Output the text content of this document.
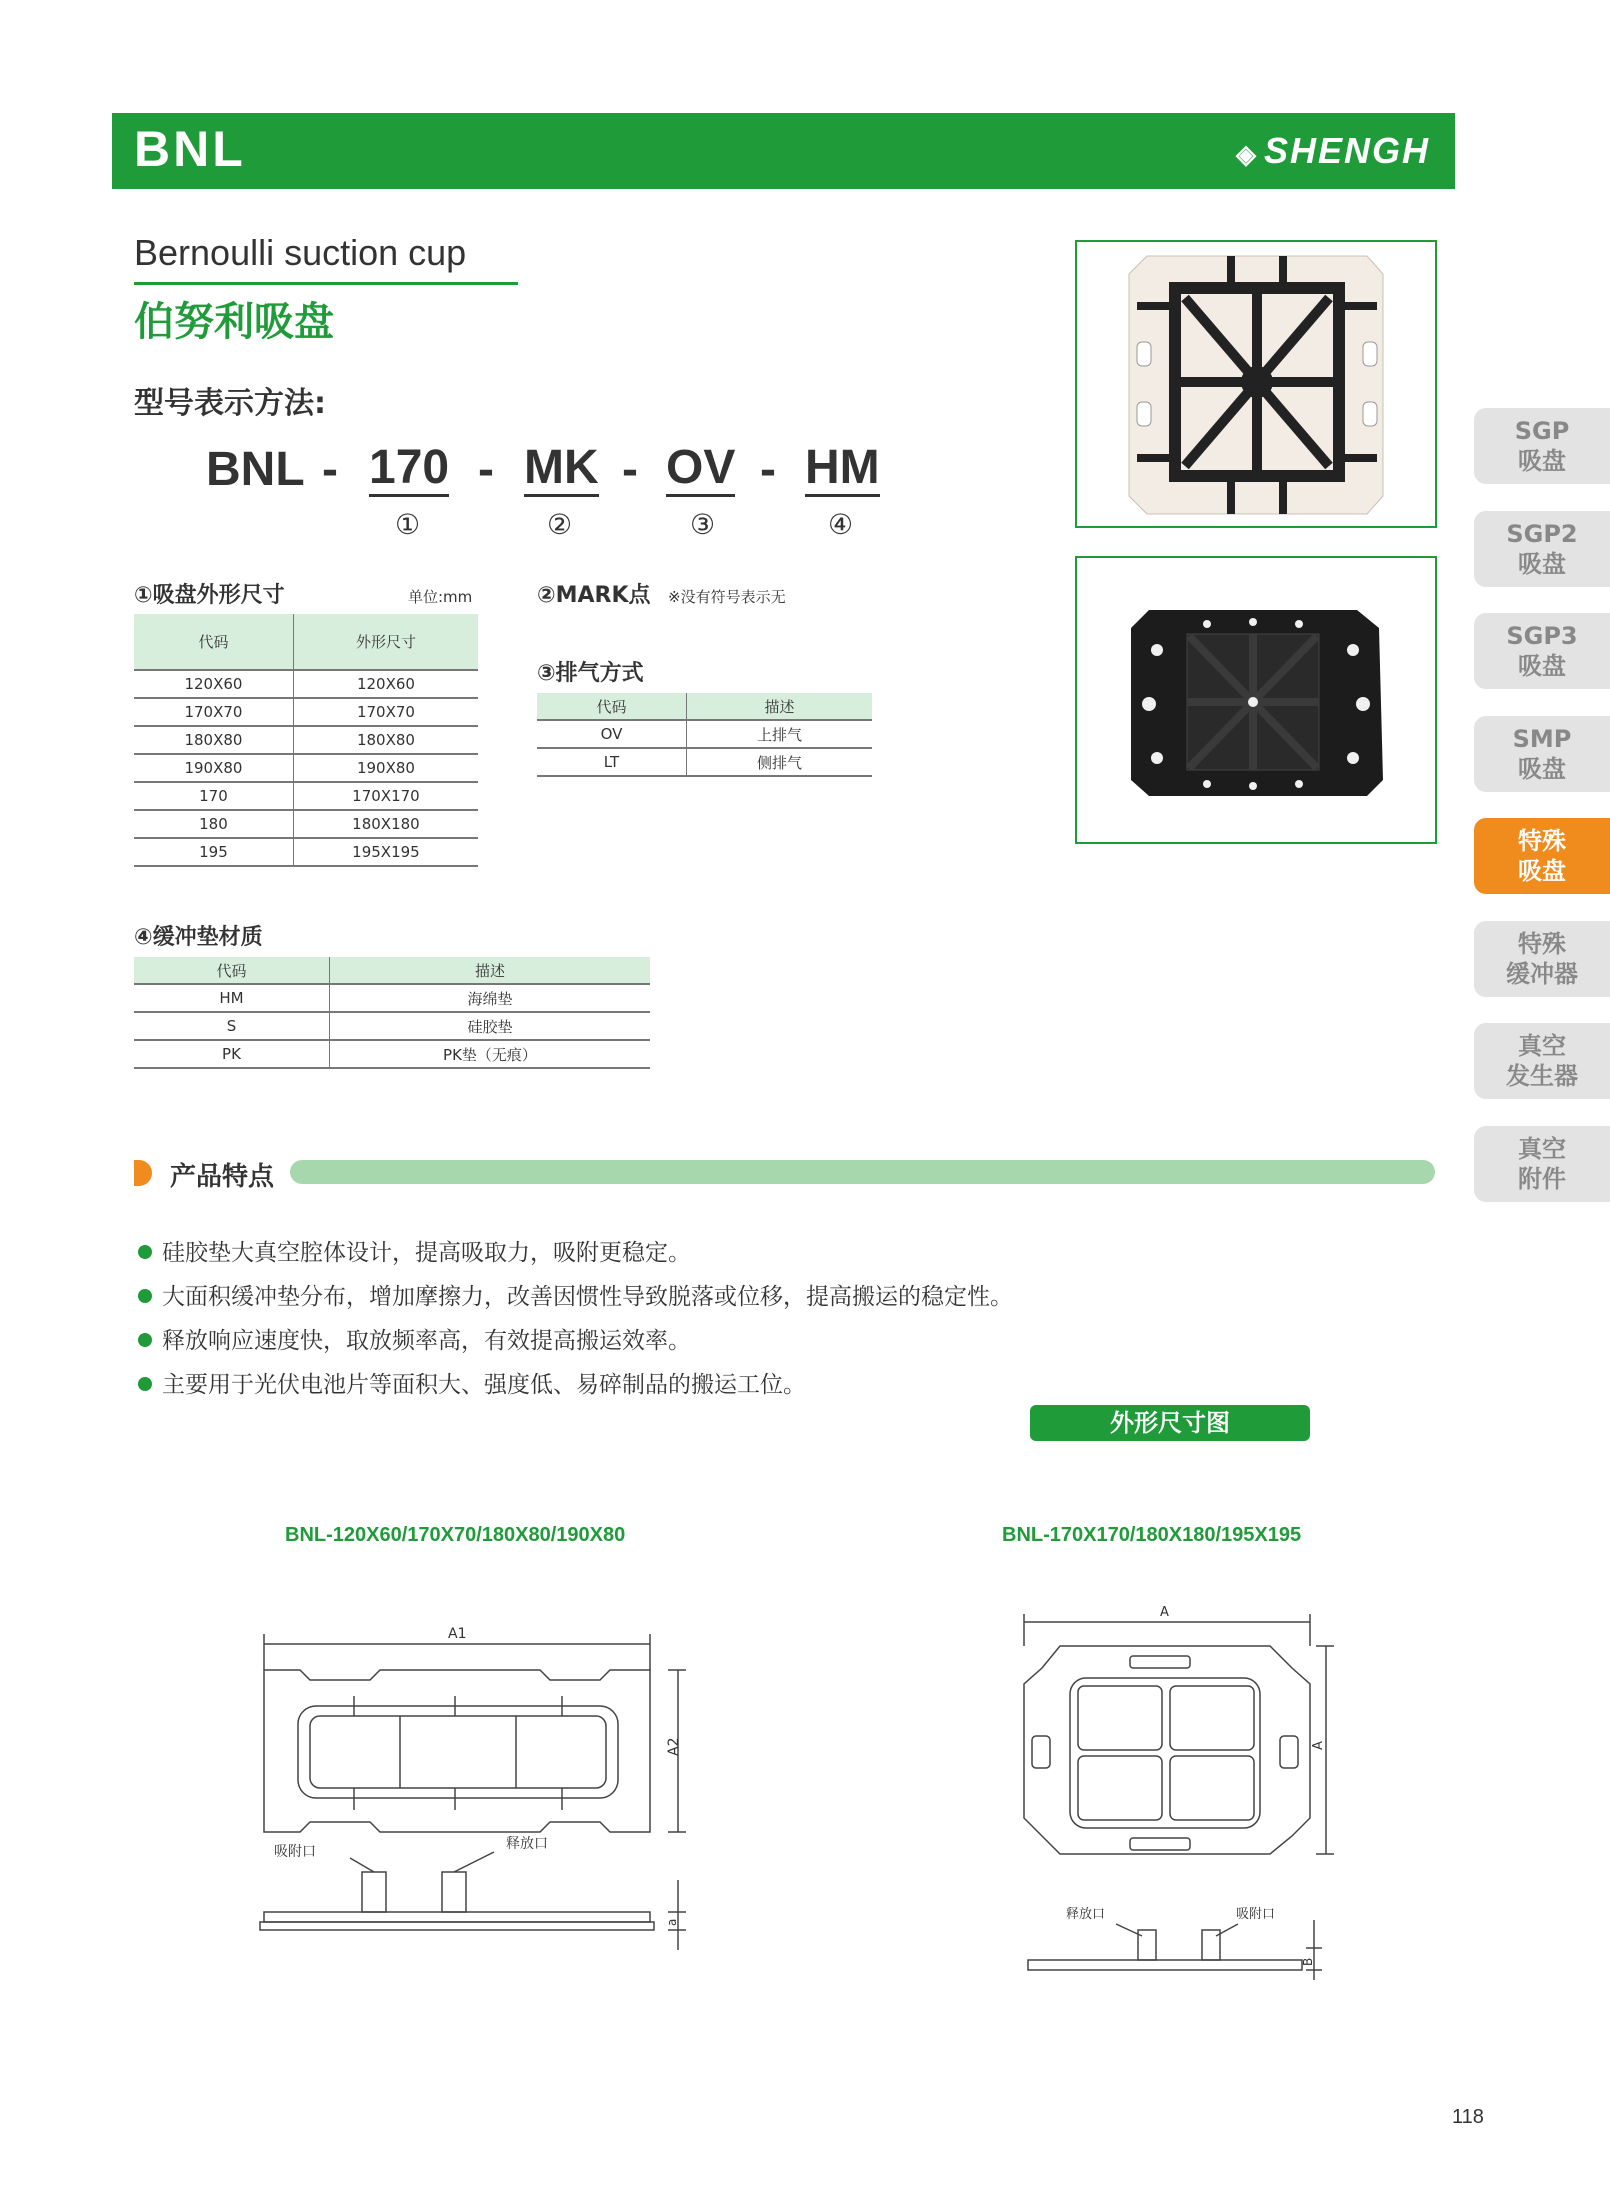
BNL	◈ SHENGH
Bernoulli suction cup
伯努利吸盘
型号表示方法:
BNL - 170 - MK - OV - HM
①	②	③	④
①吸盘外形尺寸	单位:mm
代码	外形尺寸
120X60	120X60
170X70	170X70
180X80	180X80
190X80	190X80
170	170X170
180	180X180
195	195X195
②MARK点 ※没有符号表示无
③排气方式
代码	描述
OV	上排气
LT	侧排气
④缓冲垫材质
代码	描述
HM	海绵垫
S	硅胶垫
PK	PK垫（无痕）
SGP
吸盘
SGP2
吸盘
SGP3
吸盘
SMP
吸盘
特殊
吸盘
特殊
缓冲器
真空
发生器
真空
附件
产品特点
硅胶垫大真空腔体设计，提高吸取力，吸附更稳定。
大面积缓冲垫分布，增加摩擦力，改善因惯性导致脱落或位移，提高搬运的稳定性。
释放响应速度快，取放频率高，有效提高搬运效率。
主要用于光伏电池片等面积大、强度低、易碎制品的搬运工位。
外形尺寸图
BNL-120X60/170X70/180X80/190X80	BNL-170X170/180X180/195X195
A1
A2
吸附口	释放口
a
A
A
释放口	吸附口
B
118
